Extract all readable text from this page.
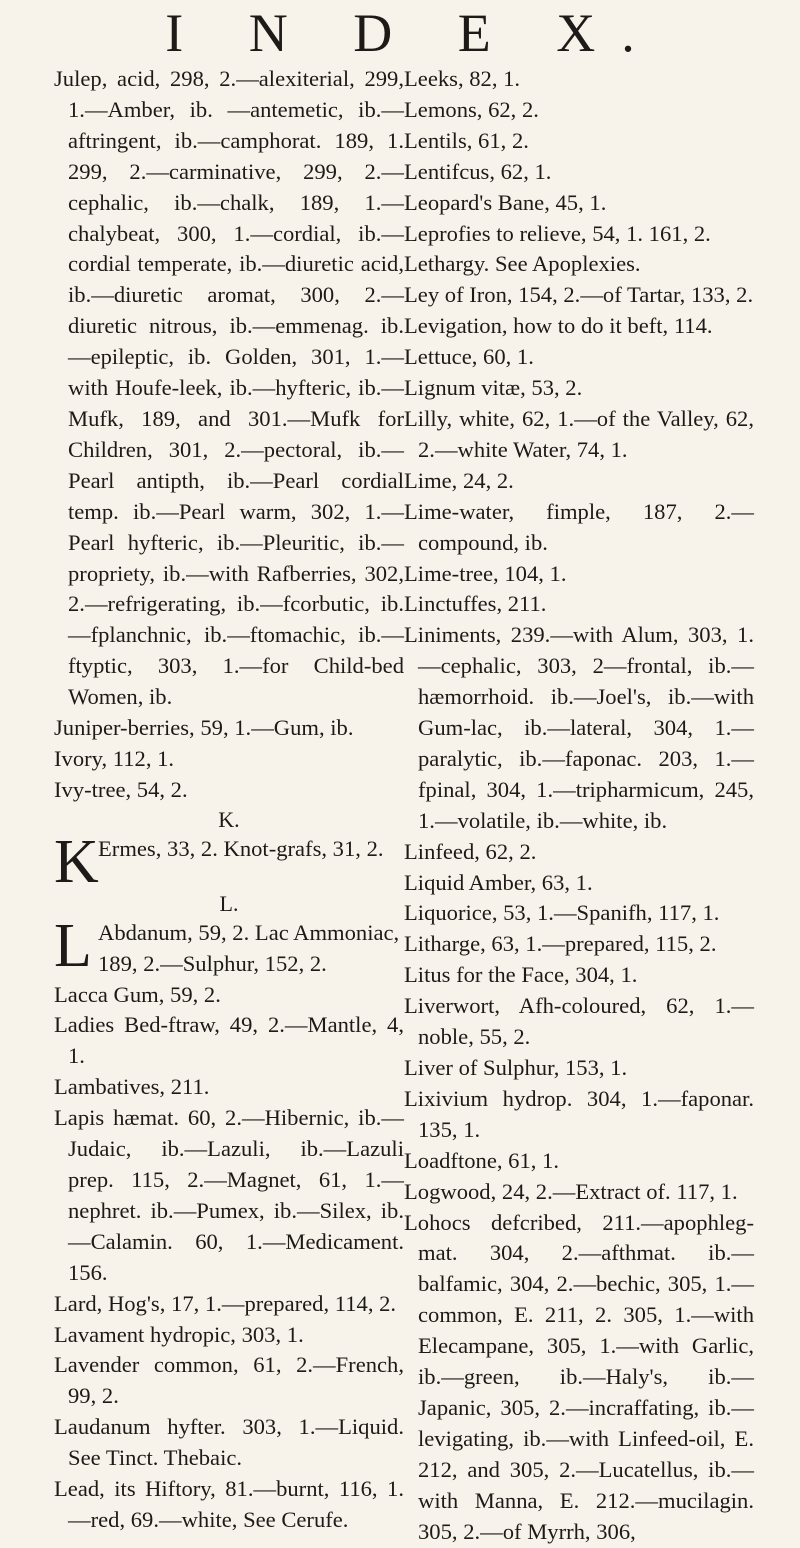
I N D E X.
Julep, acid, 298, 2.—alexiterial, 299, 1.—Amber, ib. —antemetic, ib.—aftringent, ib.—camphorat. 189, 1. 299, 2.—carminative, 299, 2.—cephalic, ib.—chalk, 189, 1.—chalybeat, 300, 1.—cordial, ib.—cordial temperate, ib.—diuretic acid, ib.—diuretic aromat, 300, 2.—diuretic nitrous, ib.—emmenag. ib.—epileptic, ib. Golden, 301, 1.—with Houfe-leek, ib.—hyfteric, ib.—Mufk, 189, and 301.—Mufk for Children, 301, 2.—pectoral, ib.—Pearl antipth, ib.—Pearl cordial temp. ib.—Pearl warm, 302, 1.—Pearl hyfteric, ib.—Pleuritic, ib.—propriety, ib.—with Rafberries, 302, 2.—refrigerating, ib.—fcorbutic, ib.—fplanchnic, ib.—ftomachic, ib.—ftyptic, 303, 1.—for Child-bed Women, ib.
Juniper-berries, 59, 1.—Gum, ib.
Ivory, 112, 1.
Ivy-tree, 54, 2.
K.
K Ermes, 33, 2. Knot-grafs, 31, 2.
L.
L Abdanum, 59, 2. Lac Ammoniac, 189, 2.—Sulphur, 152, 2.
Lacca Gum, 59, 2.
Ladies Bed-ftraw, 49, 2.—Mantle, 4, 1.
Lambatives, 211.
Lapis hæmat. 60, 2.—Hibernic, ib.—Judaic, ib.—Lazuli, ib.—Lazuli prep. 115, 2.—Magnet, 61, 1.—nephret. ib.—Pumex, ib.—Silex, ib.—Calamin. 60, 1.—Medicament. 156.
Lard, Hog's, 17, 1.—prepared, 114, 2.
Lavament hydropic, 303, 1.
Lavender common, 61, 2.—French, 99, 2.
Laudanum hyfter. 303, 1.—Liquid. See Tinct. Thebaic.
Lead, its Hiftory, 81.—burnt, 116, 1.—red, 69.—white, See Cerufe.
Leeks, 82, 1.
Lemons, 62, 2.
Lentils, 61, 2.
Lentifcus, 62, 1.
Leopard's Bane, 45, 1.
Leprofies to relieve, 54, 1. 161, 2.
Lethargy. See Apoplexies.
Ley of Iron, 154, 2.—of Tartar, 133, 2.
Levigation, how to do it beft, 114.
Lettuce, 60, 1.
Lignum vitæ, 53, 2.
Lilly, white, 62, 1.—of the Valley, 62, 2.—white Water, 74, 1.
Lime, 24, 2.
Lime-water, fimple, 187, 2.—compound, ib.
Lime-tree, 104, 1.
Linctuffes, 211.
Liniments, 239.—with Alum, 303, 1.—cephalic, 303, 2—frontal, ib.—hæmorrhoid. ib.—Joel's, ib.—with Gum-lac, ib.—lateral, 304, 1.—paralytic, ib.—faponac. 203, 1.—fpinal, 304, 1.—tripharmicum, 245, 1.—volatile, ib.—white, ib.
Linfeed, 62, 2.
Liquid Amber, 63, 1.
Liquorice, 53, 1.—Spanifh, 117, 1.
Litharge, 63, 1.—prepared, 115, 2.
Litus for the Face, 304, 1.
Liverwort, Afh-coloured, 62, 1.—noble, 55, 2.
Liver of Sulphur, 153, 1.
Lixivium hydrop. 304, 1.—faponar. 135, 1.
Loadftone, 61, 1.
Logwood, 24, 2.—Extract of. 117, 1.
Lohocs defcribed, 211.—apophleg-mat. 304, 2.—afthmat. ib.—balfamic, 304, 2.—bechic, 305, 1.—common, E. 211, 2. 305, 1.—with Elecampane, 305, 1.—with Garlic, ib.—green, ib.—Haly's, ib.—Japanic, 305, 2.—incraffating, ib.—levigating, ib.—with Linfeed-oil, E. 212, and 305, 2.—Lucatellus, ib.—with Manna, E. 212.—mucilagin. 305, 2.—of Myrrh, 306,
